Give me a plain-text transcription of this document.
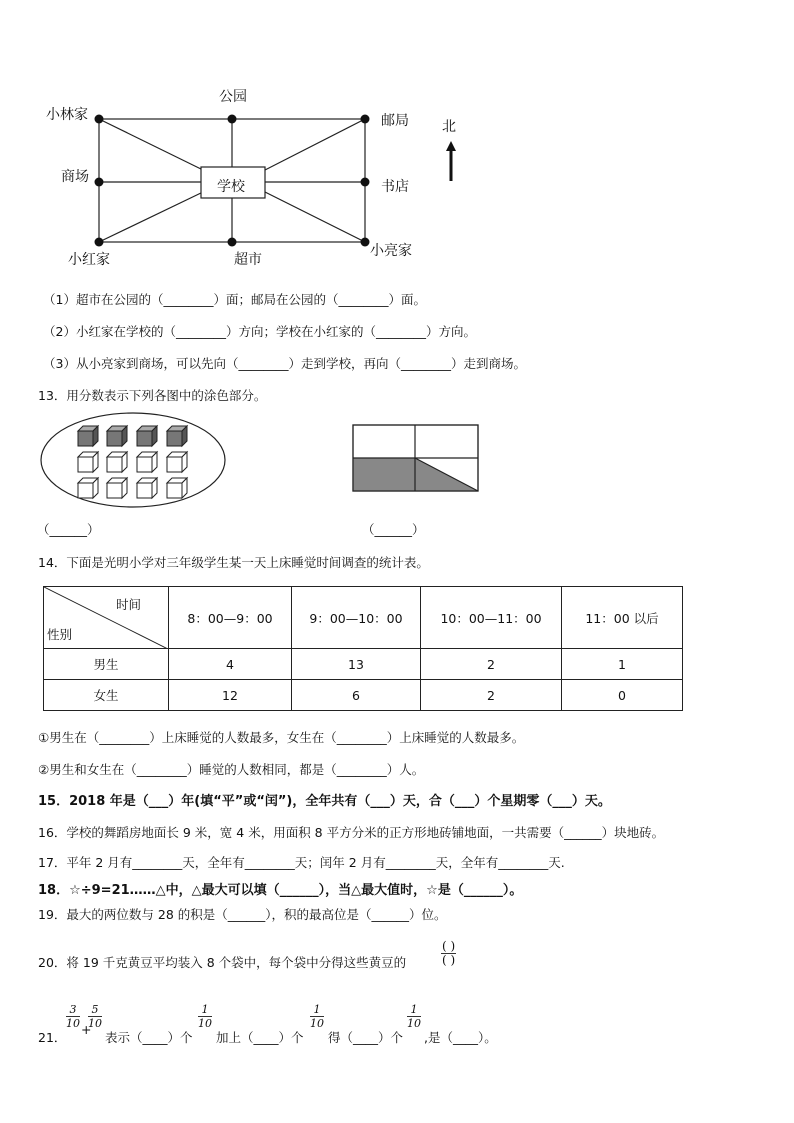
公园
小林家	邮局 北
商场
学校	书店
小红家	超市
小亮家
（1）超市在公园的（________）面；邮局在公园的（________）面。
（2）小红家在学校的（________）方向；学校在小红家的（________）方向。
（3）从小亮家到商场，可以先向（________）走到学校，再向（________）走到商场。
13．用分数表示下列各图中的涂色部分。
（______）	（______）
14．下面是光明小学对三年级学生某一天上床睡觉时间调查的统计表。
时间
性别	8：00—9：00	9：00—10：00	10：00—11：00	11：00 以后
男生	4	13	2	1
女生	12	6	2	0
①男生在（________）上床睡觉的人数最多，女生在（________）上床睡觉的人数最多。
②男生和女生在（________）睡觉的人数相同，都是（________）人。
15．2018 年是（___）年(填“平”或“闰”)，全年共有（___）天，合（___）个星期零（___）天。
16．学校的舞蹈房地面长 9 米，宽 4 米，用面积 8 平方分米的正方形地砖铺地面，一共需要（______）块地砖。
17．平年 2 月有________天，全年有________天；闰年 2 月有________天，全年有________天.
18．☆÷9=21……△中，△最大可以填（______），当△最大值时，☆是（______）。
19．最大的两位数与 28 的积是（______），积的最高位是（______）位。
20．将 19 千克黄豆平均装入 8 个袋中，每个袋中分得这些黄豆的
( )
( )
21．
$\frac{3}{10}$ +
$\frac{5}{10}$
表示（____）个
$\frac{1}{10}$
加上（____）个
$\frac{1}{10}$
得（____）个
$\frac{1}{10}$
,是（____）。
